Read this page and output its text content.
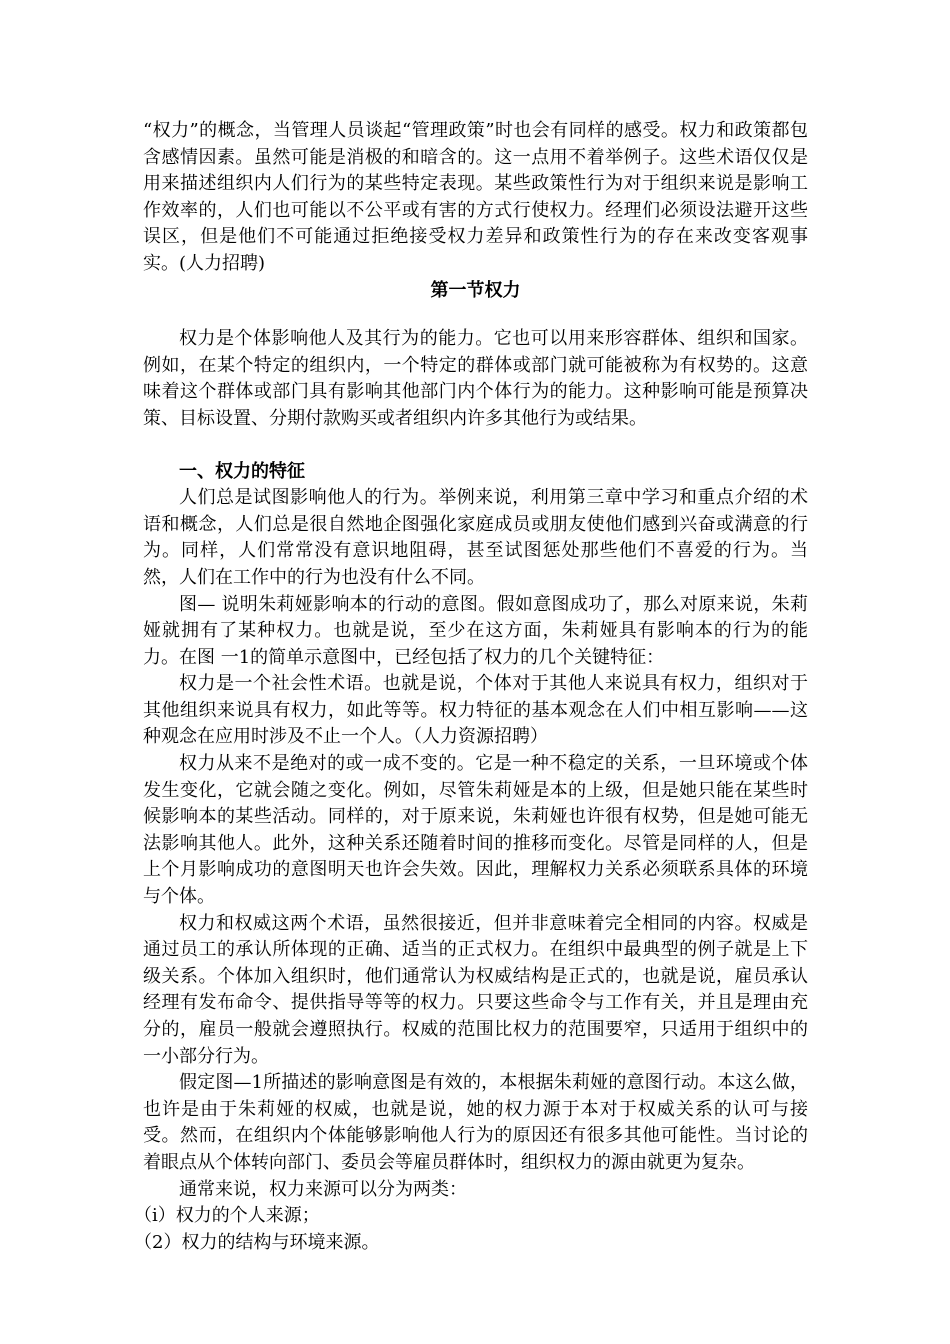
“权力”的概念，当管理人员谈起“管理政策”时也会有同样的感受。权力和政策都包含感情因素。虽然可能是消极的和暗含的。这一点用不着举例子。这些术语仅仅是用来描述组织内人们行为的某些特定表现。某些政策性行为对于组织来说是影响工作效率的，人们也可能以不公平或有害的方式行使权力。经理们必须设法避开这些误区，但是他们不可能通过拒绝接受权力差异和政策性行为的存在来改变客观事实。(人力招聘)

第一节权力

权力是个体影响他人及其行为的能力。它也可以用来形容群体、组织和国家。例如，在某个特定的组织内，一个特定的群体或部门就可能被称为有权势的。这意味着这个群体或部门具有影响其他部门内个体行为的能力。这种影响可能是预算决策、目标设置、分期付款购买或者组织内许多其他行为或结果。

一、权力的特征

人们总是试图影响他人的行为。举例来说，利用第三章中学习和重点介绍的术语和概念，人们总是很自然地企图强化家庭成员或朋友使他们感到兴奋或满意的行为。同样，人们常常没有意识地阻碍，甚至试图惩处那些他们不喜爱的行为。当然，人们在工作中的行为也没有什么不同。

图— 说明朱莉娅影响本的行动的意图。假如意图成功了，那么对原来说，朱莉娅就拥有了某种权力。也就是说，至少在这方面，朱莉娅具有影响本的行为的能力。在图 一1的简单示意图中，已经包括了权力的几个关键特征：

权力是一个社会性术语。也就是说，个体对于其他人来说具有权力，组织对于其他组织来说具有权力，如此等等。权力特征的基本观念在人们中相互影响——这种观念在应用时涉及不止一个人。（人力资源招聘）

权力从来不是绝对的或一成不变的。它是一种不稳定的关系，一旦环境或个体发生变化，它就会随之变化。例如，尽管朱莉娅是本的上级，但是她只能在某些时候影响本的某些活动。同样的，对于原来说，朱莉娅也许很有权势，但是她可能无法影响其他人。此外，这种关系还随着时间的推移而变化。尽管是同样的人，但是上个月影响成功的意图明天也许会失效。因此，理解权力关系必须联系具体的环境与个体。

权力和权威这两个术语，虽然很接近，但并非意味着完全相同的内容。权威是通过员工的承认所体现的正确、适当的正式权力。在组织中最典型的例子就是上下级关系。个体加入组织时，他们通常认为权威结构是正式的，也就是说，雇员承认经理有发布命令、提供指导等等的权力。只要这些命令与工作有关，并且是理由充分的，雇员一般就会遵照执行。权威的范围比权力的范围要窄，只适用于组织中的一小部分行为。

假定图—1所描述的影响意图是有效的，本根据朱莉娅的意图行动。本这么做，也许是由于朱莉娅的权威，也就是说，她的权力源于本对于权威关系的认可与接受。然而，在组织内个体能够影响他人行为的原因还有很多其他可能性。当讨论的着眼点从个体转向部门、委员会等雇员群体时，组织权力的源由就更为复杂。

通常来说，权力来源可以分为两类：

（i）权力的个人来源；

（2）权力的结构与环境来源。
